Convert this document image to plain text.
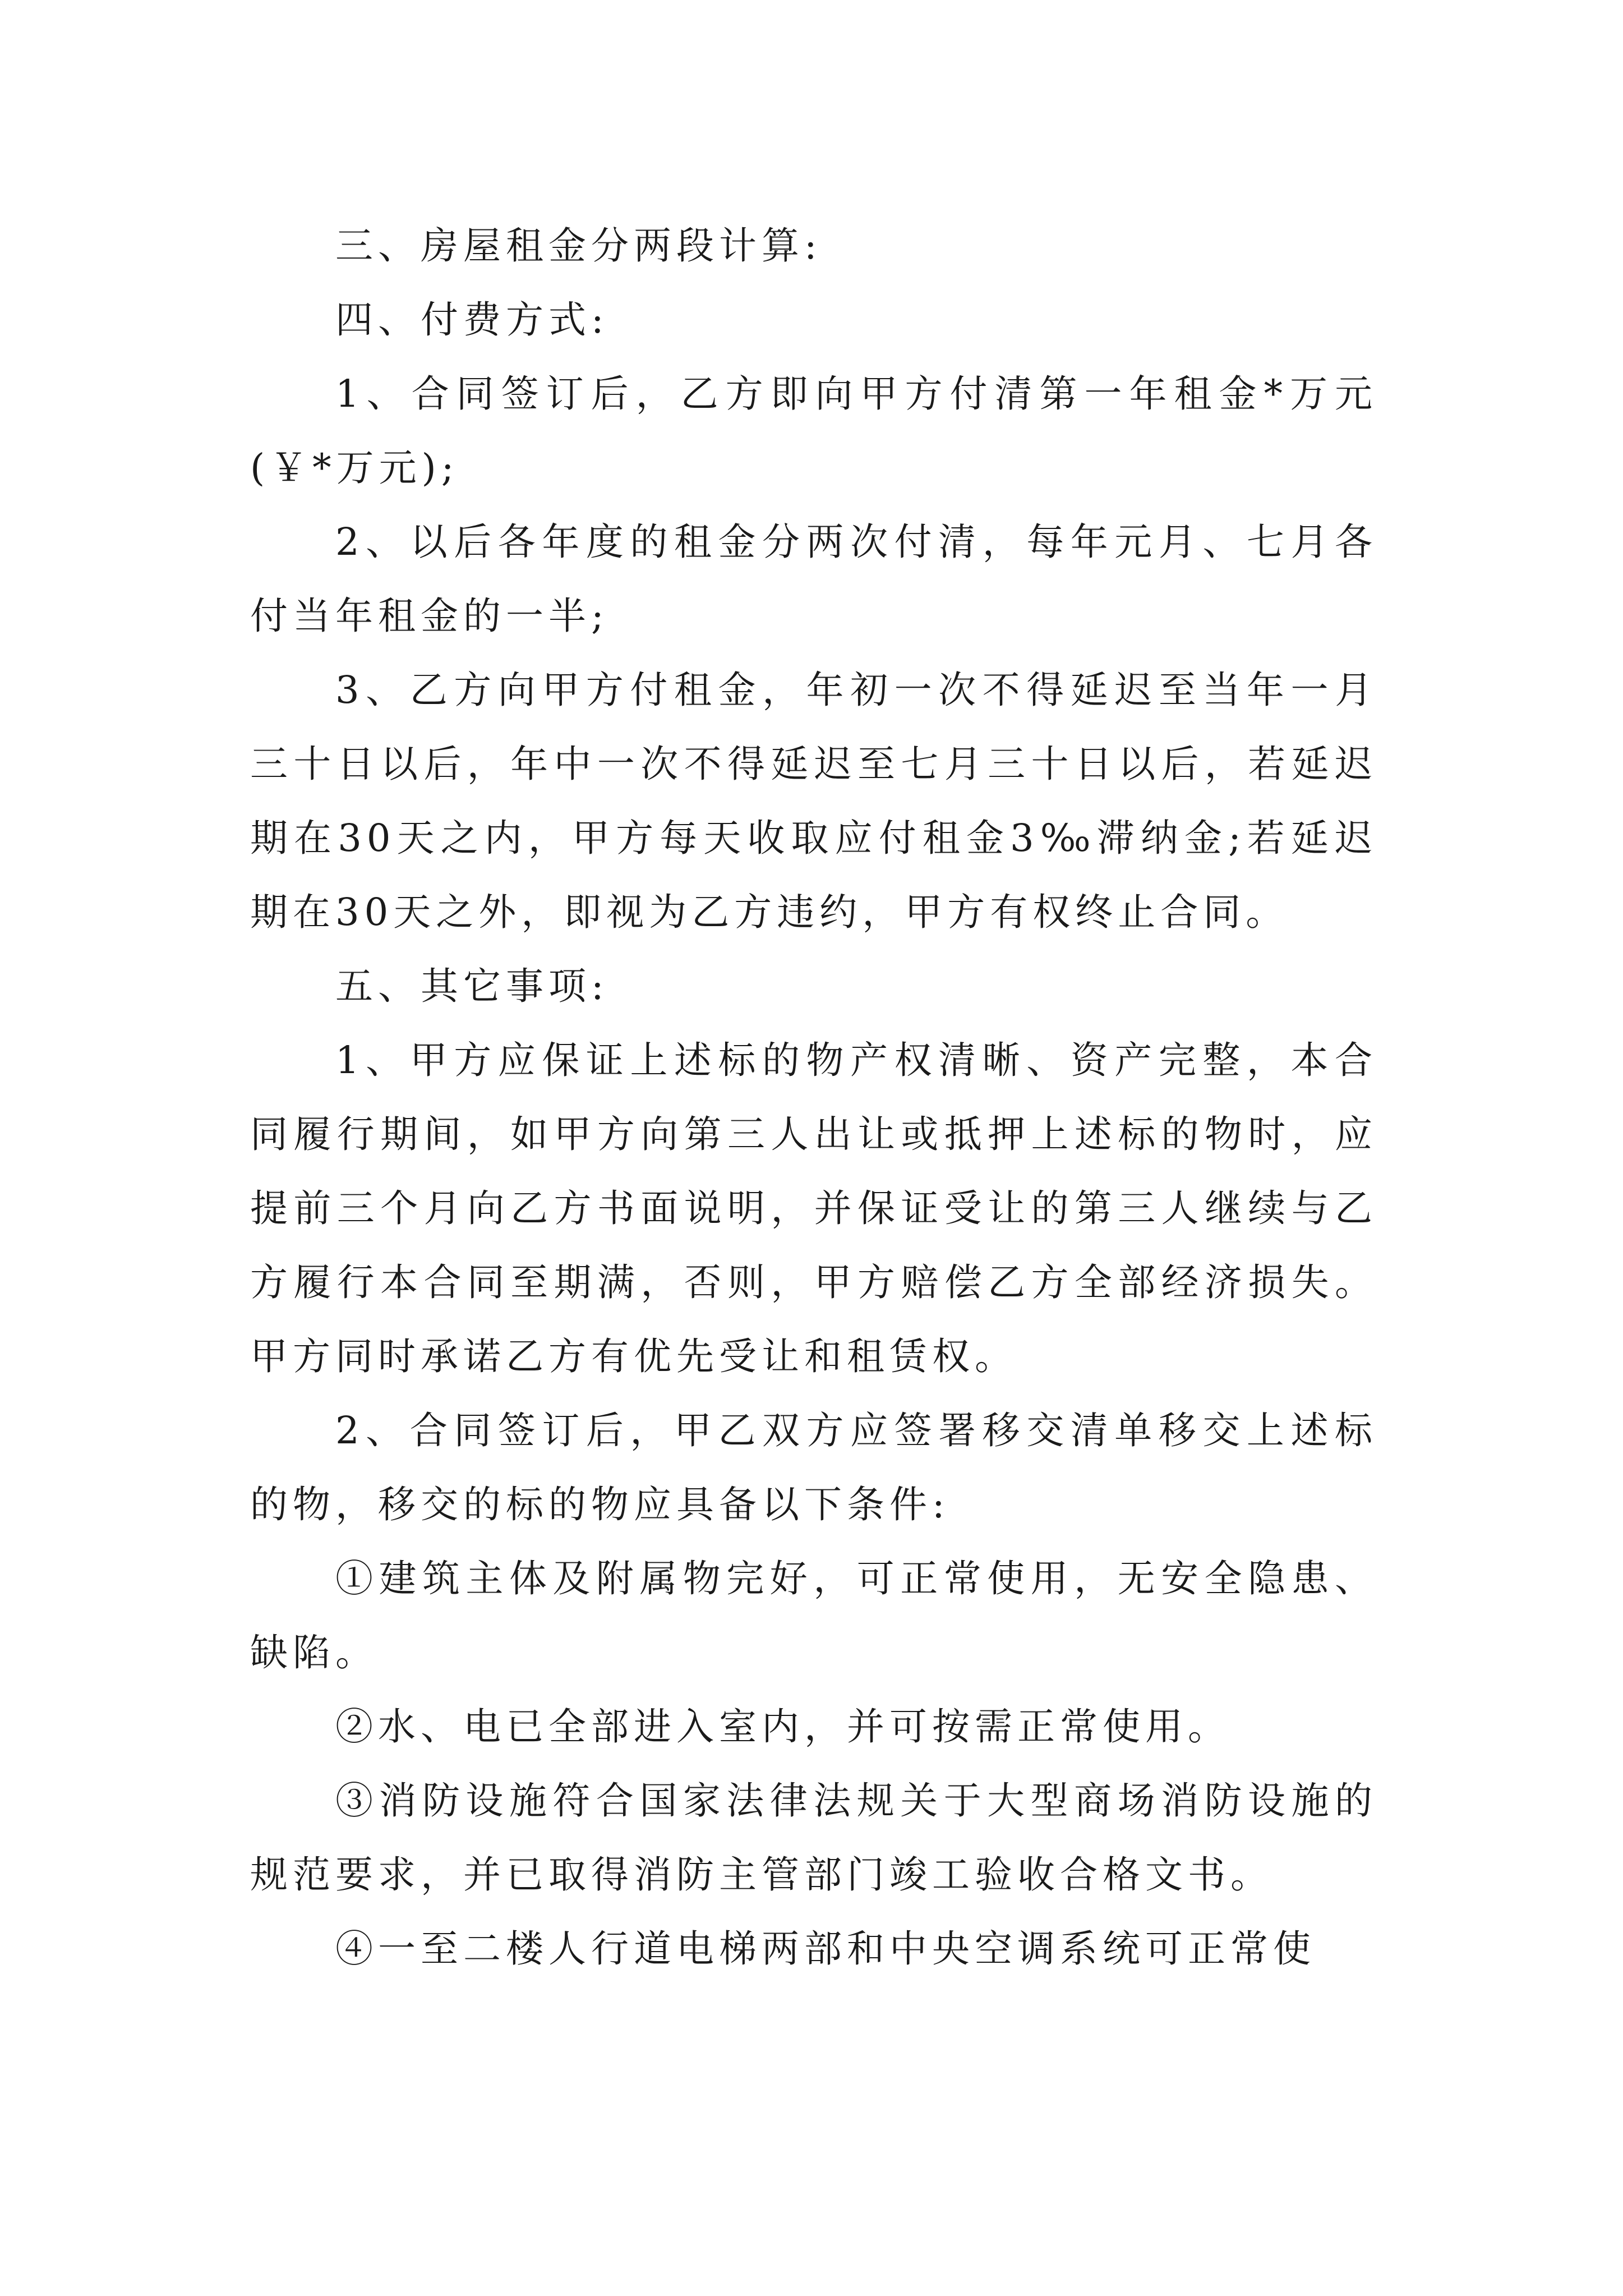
三、房屋租金分两段计算:

四、付费方式:

1、合同签订后，乙方即向甲方付清第一年租金*万元(￥*万元);

2、以后各年度的租金分两次付清，每年元月、七月各付当年租金的一半;

3、乙方向甲方付租金，年初一次不得延迟至当年一月三十日以后，年中一次不得延迟至七月三十日以后，若延迟期在30天之内，甲方每天收取应付租金3‰滞纳金;若延迟期在30天之外，即视为乙方违约，甲方有权终止合同。

五、其它事项:

1、甲方应保证上述标的物产权清晰、资产完整，本合同履行期间，如甲方向第三人出让或抵押上述标的物时，应提前三个月向乙方书面说明，并保证受让的第三人继续与乙方履行本合同至期满，否则，甲方赔偿乙方全部经济损失。甲方同时承诺乙方有优先受让和租赁权。

2、合同签订后，甲乙双方应签署移交清单移交上述标的物，移交的标的物应具备以下条件:

①建筑主体及附属物完好，可正常使用，无安全隐患、缺陷。

②水、电已全部进入室内，并可按需正常使用。

③消防设施符合国家法律法规关于大型商场消防设施的规范要求，并已取得消防主管部门竣工验收合格文书。

④一至二楼人行道电梯两部和中央空调系统可正常使
